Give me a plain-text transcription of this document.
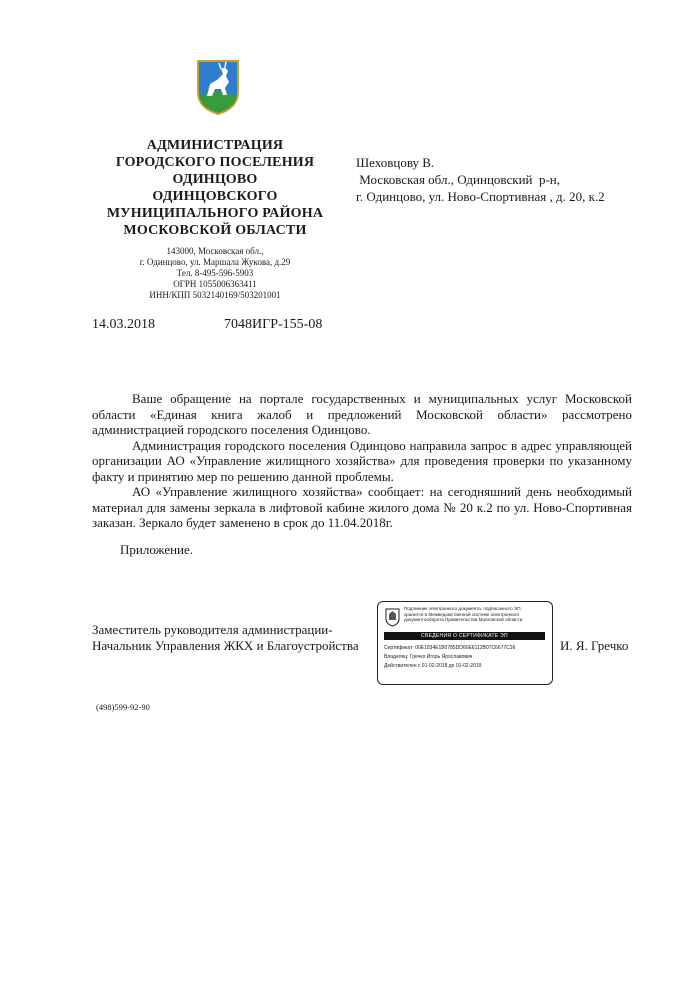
АДМИНИСТРАЦИЯ
ГОРОДСКОГО ПОСЕЛЕНИЯ
ОДИНЦОВО
ОДИНЦОВСКОГО
МУНИЦИПАЛЬНОГО РАЙОНА
МОСКОВСКОЙ ОБЛАСТИ
143000, Московская обл.,
г. Одинцово, ул. Маршала Жукова, д.29
Тел. 8-495-596-5903
ОГРН 1055006363411
ИНН/КПП 5032140169/503201001
Шеховцову В.
Московская обл., Одинцовский  р-н,
г. Одинцово, ул. Ново-Спортивная , д. 20, к.2
14.03.2018	7048ИГР-155-08

Ваше обращение на портале государственных и муниципальных услуг Московской области «Единая книга жалоб и предложений Московской области» рассмотрено администрацией городского поселения Одинцово.

Администрация городского поселения Одинцово направила запрос в адрес управляющей организации АО «Управление жилищного хозяйства» для проведения проверки по указанному факту и принятию мер по решению данной проблемы.

АО «Управление жилищного хозяйства» сообщает: на сегодняшний день необходимый материал для замены зеркала в лифтовой кабине жилого дома № 20 к.2 по ул. Ново-Спортивная заказан. Зеркало будет заменено в срок до 11.04.2018г.

Приложение.
Заместитель руководителя администрации-
Начальник Управления ЖКХ и Благоустройства
Подлинник электронного документа, подписанного ЭП,
хранится в Межведомственной системе электронного
документооборота Правительства Московской области
СВЕДЕНИЯ О СЕРТИФИКАТЕ ЭП
Сертификат: 00E1034E1B0785DD60E6112B07C6677C36
Владелец: Гречко Игорь Ярославович
Действителен с 01-02-2018 до 01-02-2019
И. Я. Гречко
(498)599-92-90
